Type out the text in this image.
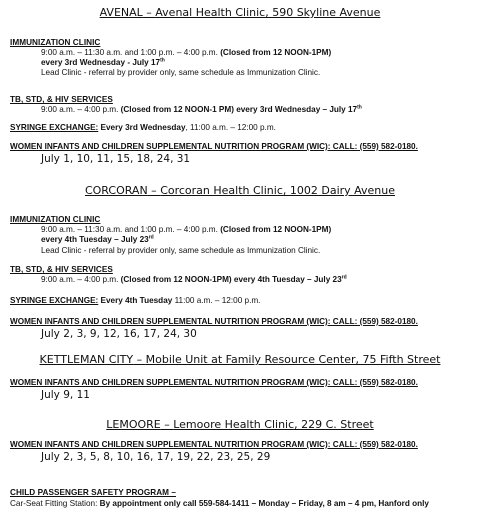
AVENAL – Avenal Health Clinic, 590 Skyline Avenue
IMMUNIZATION CLINIC
9:00 a.m. – 11:30 a.m. and 1:00 p.m. – 4:00 p.m. (Closed from 12 NOON-1PM)
every 3rd Wednesday - July 17th
Lead Clinic - referral by provider only, same schedule as Immunization Clinic.
TB, STD, & HIV SERVICES
9:00 a.m. – 4:00 p.m. (Closed from 12 NOON-1 PM) every 3rd Wednesday – July 17th
SYRINGE EXCHANGE: Every 3rd Wednesday, 11:00 a.m. – 12:00 p.m.
WOMEN INFANTS AND CHILDREN SUPPLEMENTAL NUTRITION PROGRAM (WIC): CALL: (559) 582-0180.
July 1, 10, 11, 15, 18, 24, 31
CORCORAN – Corcoran Health Clinic, 1002 Dairy Avenue
IMMUNIZATION CLINIC
9:00 a.m. – 11:30 a.m. and 1:00 p.m. – 4:00 p.m. (Closed from 12 NOON-1PM)
every 4th Tuesday – July 23rd
Lead Clinic - referral by provider only, same schedule as Immunization Clinic.
TB, STD, & HIV SERVICES
9:00 a.m. – 4:00 p.m. (Closed from 12 NOON-1PM) every 4th Tuesday – July 23rd
SYRINGE EXCHANGE: Every 4th Tuesday 11:00 a.m. – 12:00 p.m.
WOMEN INFANTS AND CHILDREN SUPPLEMENTAL NUTRITION PROGRAM (WIC): CALL: (559) 582-0180.
July 2, 3, 9, 12, 16, 17, 24, 30
KETTLEMAN CITY – Mobile Unit at Family Resource Center, 75 Fifth Street
WOMEN INFANTS AND CHILDREN SUPPLEMENTAL NUTRITION PROGRAM (WIC): CALL: (559) 582-0180.
July 9, 11
LEMOORE – Lemoore Health Clinic, 229 C. Street
WOMEN INFANTS AND CHILDREN SUPPLEMENTAL NUTRITION PROGRAM (WIC): CALL: (559) 582-0180.
July 2, 3, 5, 8, 10, 16, 17, 19, 22, 23, 25, 29
CHILD PASSENGER SAFETY PROGRAM –
Car-Seat Fitting Station: By appointment only call 559-584-1411 – Monday – Friday, 8 am – 4 pm, Hanford only
